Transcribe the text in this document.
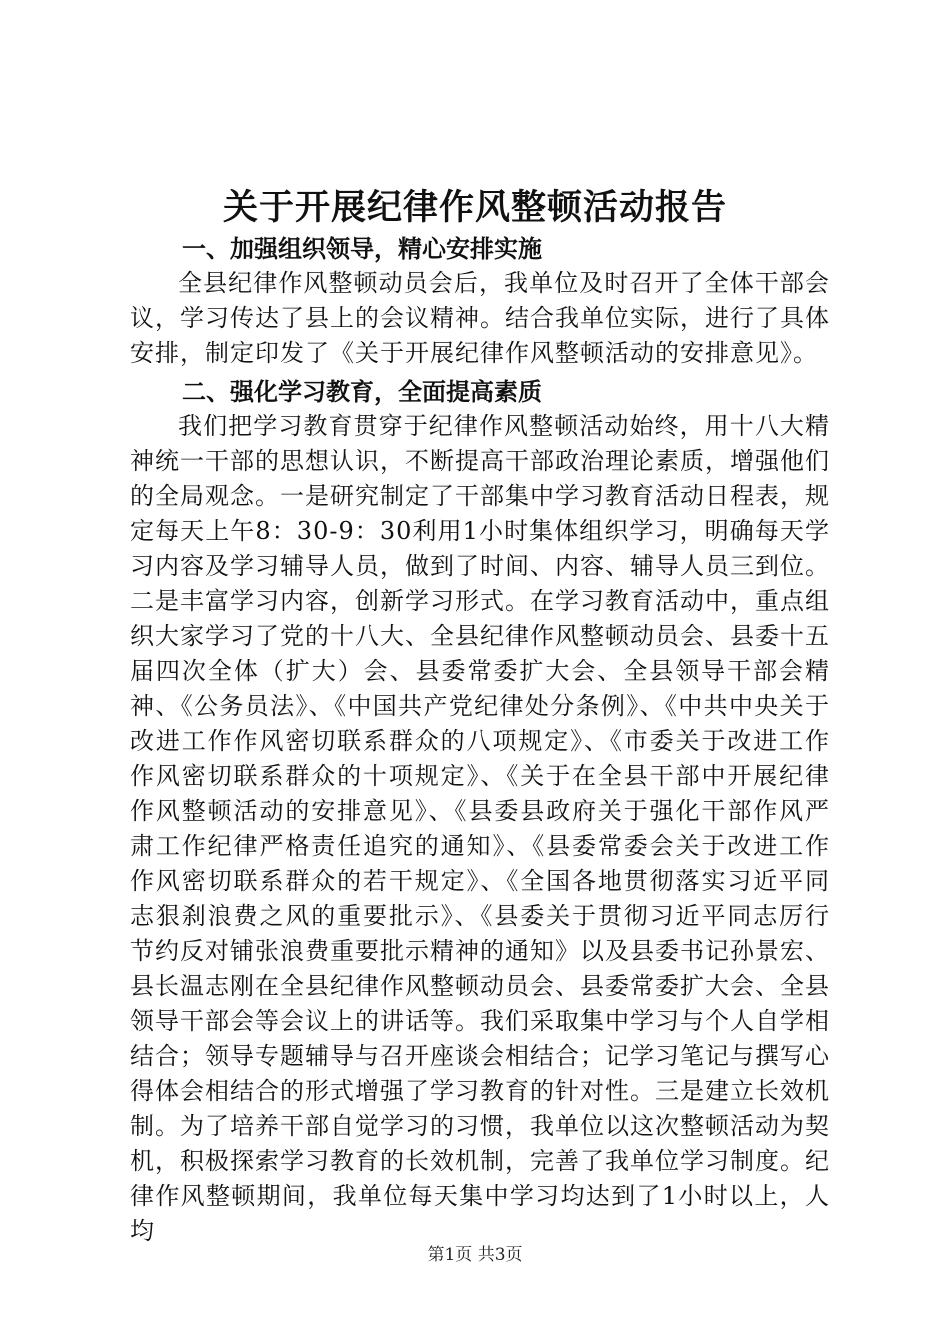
关于开展纪律作风整顿活动报告
一、加强组织领导，精心安排实施

全县纪律作风整顿动员会后，我单位及时召开了全体干部会议，学习传达了县上的会议精神。结合我单位实际，进行了具体安排，制定印发了《关于开展纪律作风整顿活动的安排意见》。

二、强化学习教育，全面提高素质

我们把学习教育贯穿于纪律作风整顿活动始终，用十八大精神统一干部的思想认识，不断提高干部政治理论素质，增强他们的全局观念。一是研究制定了干部集中学习教育活动日程表，规定每天上午8：30-9：30利用1小时集体组织学习，明确每天学习内容及学习辅导人员，做到了时间、内容、辅导人员三到位。二是丰富学习内容，创新学习形式。在学习教育活动中，重点组织大家学习了党的十八大、全县纪律作风整顿动员会、县委十五届四次全体（扩大）会、县委常委扩大会、全县领导干部会精神、《公务员法》、《中国共产党纪律处分条例》、《中共中央关于改进工作作风密切联系群众的八项规定》、《市委关于改进工作作风密切联系群众的十项规定》、《关于在全县干部中开展纪律作风整顿活动的安排意见》、《县委县政府关于强化干部作风严肃工作纪律严格责任追究的通知》、《县委常委会关于改进工作作风密切联系群众的若干规定》、《全国各地贯彻落实习近平同志狠刹浪费之风的重要批示》、《县委关于贯彻习近平同志厉行节约反对铺张浪费重要批示精神的通知》以及县委书记孙景宏、县长温志刚在全县纪律作风整顿动员会、县委常委扩大会、全县领导干部会等会议上的讲话等。我们采取集中学习与个人自学相结合；领导专题辅导与召开座谈会相结合；记学习笔记与撰写心得体会相结合的形式增强了学习教育的针对性。三是建立长效机制。为了培养干部自觉学习的习惯，我单位以这次整顿活动为契机，积极探索学习教育的长效机制，完善了我单位学习制度。纪律作风整顿期间，我单位每天集中学习均达到了1小时以上，人均

第1页 共3页
